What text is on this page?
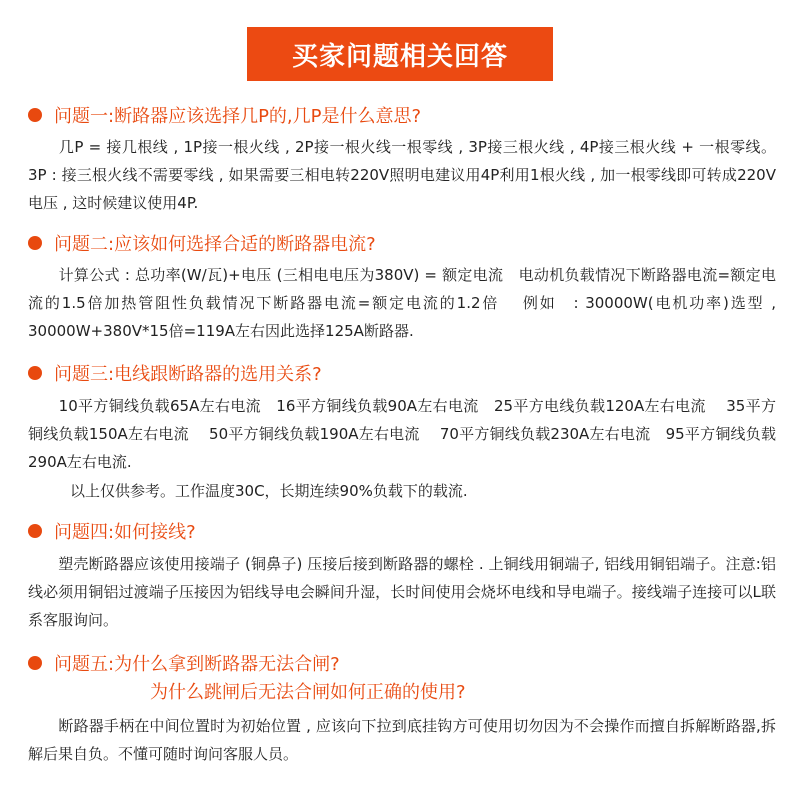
买家问题相关回答
问题一:断路器应该选择几P的,几P是什么意思?
　　几P = 接几根线 , 1P接一根火线 , 2P接一根火线一根零线 , 3P接三根火线 , 4P接三根火线 + 一根零线。 3P : 接三根火线不需要零线 , 如果需要三相电转220V照明电建议用4P利用1根火线 , 加一根零线即可转成220V电压 , 这时候建议使用4P.
问题二:应该如何选择合适的断路器电流?
　　计算公式 : 总功率(W/瓦)+电压 (三相电电压为380V) = 额定电流　电动机负载情况下断路器电流=额定电流的1.5倍加热管阻性负载情况下断路器电流=额定电流的1.2倍　 例如　: 30000W(电机功率)选型 , 30000W+380V*15倍=119A左右因此选择125A断路器.
问题三:电线跟断路器的选用关系?
　　10平方铜线负载65A左右电流　16平方铜线负载90A左右电流　25平方电线负载120A左右电流　 35平方铜线负载150A左右电流　 50平方铜线负载190A左右电流　 70平方铜线负载230A左右电流　95平方铜线负载290A左右电流.
以上仅供参考。工作温度30C，长期连续90%负载下的载流.
问题四:如何接线?
　　塑壳断路器应该使用接端子 (铜鼻子) 压接后接到断路器的螺栓 . 上铜线用铜端子, 铝线用铜铝端子。注意:铝线必须用铜铝过渡端子压接因为铝线导电会瞬间升湿，长时间使用会烧坏电线和导电端子。接线端子连接可以L联系客服询问。
问题五:为什么拿到断路器无法合闸?
为什么跳闸后无法合闸如何正确的使用?
　　断路器手柄在中间位置时为初始位置 , 应该向下拉到底挂钩方可使用切勿因为不会操作而擅自拆解断路器,拆解后果自负。不懂可随时询问客服人员。
